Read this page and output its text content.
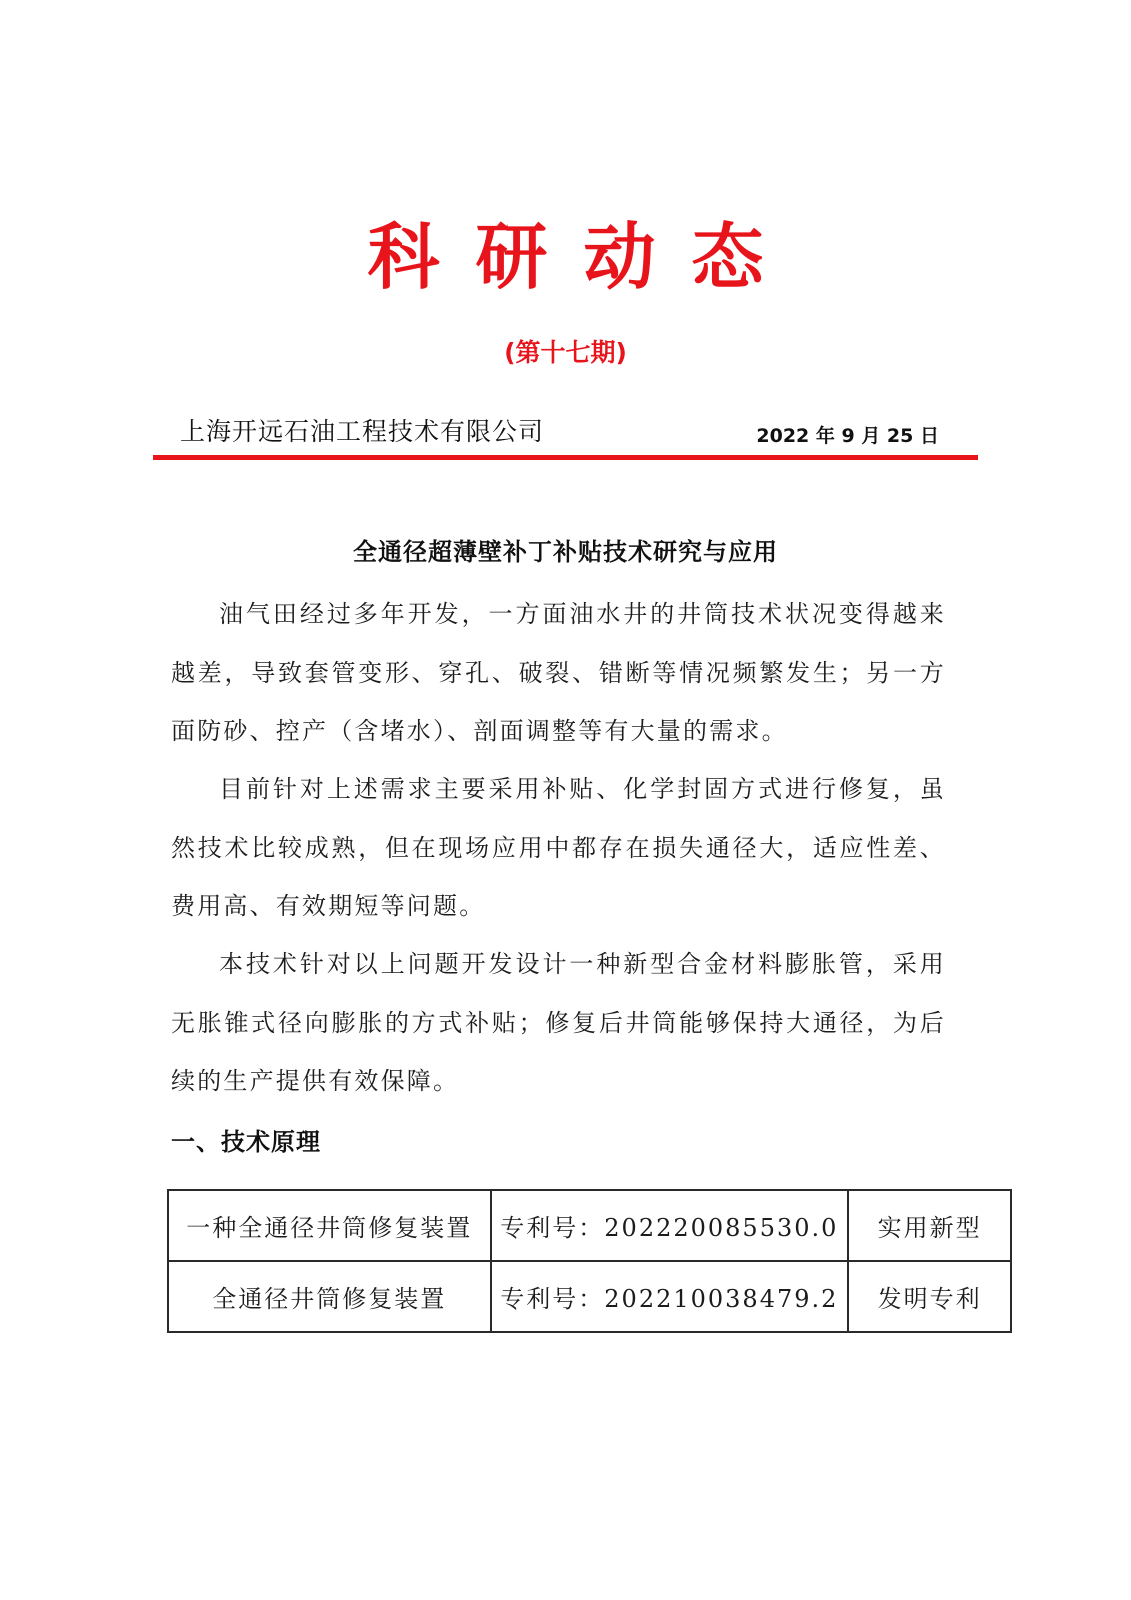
科研动态
(第十七期)
上海开远石油工程技术有限公司	2022 年 9 月 25 日
全通径超薄壁补丁补贴技术研究与应用

油气田经过多年开发，一方面油水井的井筒技术状况变得越来越差，导致套管变形、穿孔、破裂、错断等情况频繁发生；另一方面防砂、控产（含堵水）、剖面调整等有大量的需求。

目前针对上述需求主要采用补贴、化学封固方式进行修复，虽然技术比较成熟，但在现场应用中都存在损失通径大，适应性差、费用高、有效期短等问题。

本技术针对以上问题开发设计一种新型合金材料膨胀管，采用无胀锥式径向膨胀的方式补贴；修复后井筒能够保持大通径，为后续的生产提供有效保障。

一、技术原理
一种全通径井筒修复装置	专利号：202220085530.0	实用新型
全通径井筒修复装置	专利号：202210038479.2	发明专利
